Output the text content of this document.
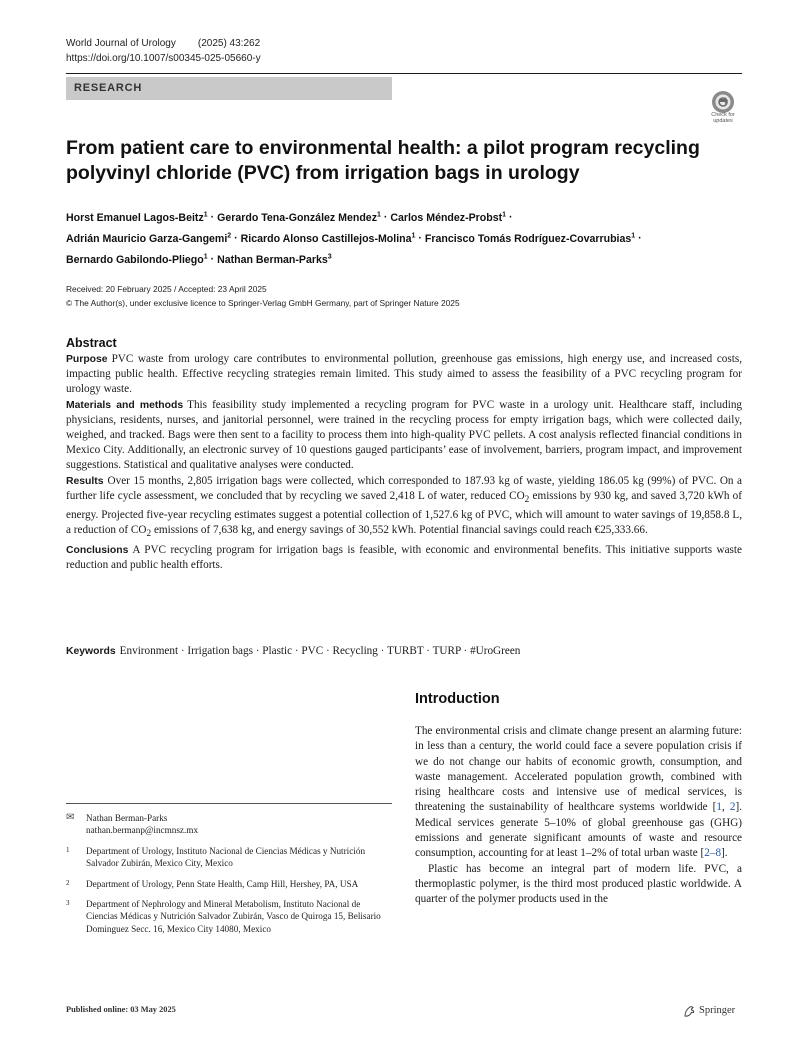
World Journal of Urology (2025) 43:262
https://doi.org/10.1007/s00345-025-05660-y
RESEARCH
Check for
updates
From patient care to environmental health: a pilot program recycling polyvinyl chloride (PVC) from irrigation bags in urology
Horst Emanuel Lagos-Beitz$^1$ · Gerardo Tena-González Mendez$^1$ · Carlos Méndez-Probst$^1$ ·
Adrián Mauricio Garza-Gangemi$^2$ · Ricardo Alonso Castillejos-Molina$^1$ · Francisco Tomás Rodríguez-Covarrubias$^1$ ·
Bernardo Gabilondo-Pliego$^1$ · Nathan Berman-Parks$^3$
Received: 20 February 2025 / Accepted: 23 April 2025
© The Author(s), under exclusive licence to Springer-Verlag GmbH Germany, part of Springer Nature 2025
Abstract

Purpose PVC waste from urology care contributes to environmental pollution, greenhouse gas emissions, high energy use, and increased costs, impacting public health. Effective recycling strategies remain limited. This study aimed to assess the feasibility of a PVC recycling program for urology waste.

Materials and methods This feasibility study implemented a recycling program for PVC waste in a urology unit. Healthcare staff, including physicians, residents, nurses, and janitorial personnel, were trained in the recycling process for empty irrigation bags, which were collected daily, weighed, and tracked. Bags were then sent to a facility to process them into high-quality PVC pellets. A cost analysis reflected financial conditions in Mexico City. Additionally, an electronic survey of 10 questions gauged participants’ ease of involvement, barriers, program impact, and improvement suggestions. Statistical and qualitative analyses were conducted.

Results Over 15 months, 2,805 irrigation bags were collected, which corresponded to 187.93 kg of waste, yielding 186.05 kg (99%) of PVC. On a further life cycle assessment, we concluded that by recycling we saved 2,418 L of water, reduced $CO_2$ emissions by 930 kg, and saved 3,720 kWh of energy. Projected five-year recycling estimates suggest a potential collection of 1,527.6 kg of PVC, which will amount to water savings of 19,858.8 L, a reduction of $CO_2$ emissions of 7,638 kg, and energy savings of 30,552 kWh. Potential financial savings could reach €25,333.66.

Conclusions A PVC recycling program for irrigation bags is feasible, with economic and environmental benefits. This initiative supports waste reduction and public health efforts.

Keywords Environment · Irrigation bags · Plastic · PVC · Recycling · TURBT · TURP · #UroGreen
Introduction

The environmental crisis and climate change present an alarming future: in less than a century, the world could face a severe population crisis if we do not change our habits of economic growth, consumption, and waste management. Accelerated population growth, combined with rising healthcare costs and intensive use of medical services, is threatening the sustainability of healthcare systems worldwide [1, 2]. Medical services generate 5–10% of global greenhouse gas (GHG) emissions and generate significant amounts of waste and resource consumption, accounting for at least 1–2% of total urban waste [2–8].

Plastic has become an integral part of modern life. PVC, a thermoplastic polymer, is the third most produced plastic worldwide. A quarter of the polymer products used in the

✉	Nathan Berman-Parks
nathan.bermanp@incmnsz.mx
1	Department of Urology, Instituto Nacional de Ciencias Médicas y Nutrición Salvador Zubirán, Mexico City, Mexico
2	Department of Urology, Penn State Health, Camp Hill, Hershey, PA, USA
3	Department of Nephrology and Mineral Metabolism, Instituto Nacional de Ciencias Médicas y Nutrición Salvador Zubirán, Vasco de Quiroga 15, Belisario Dominguez Secc. 16, Mexico City 14080, Mexico
Published online: 03 May 2025	Springer
